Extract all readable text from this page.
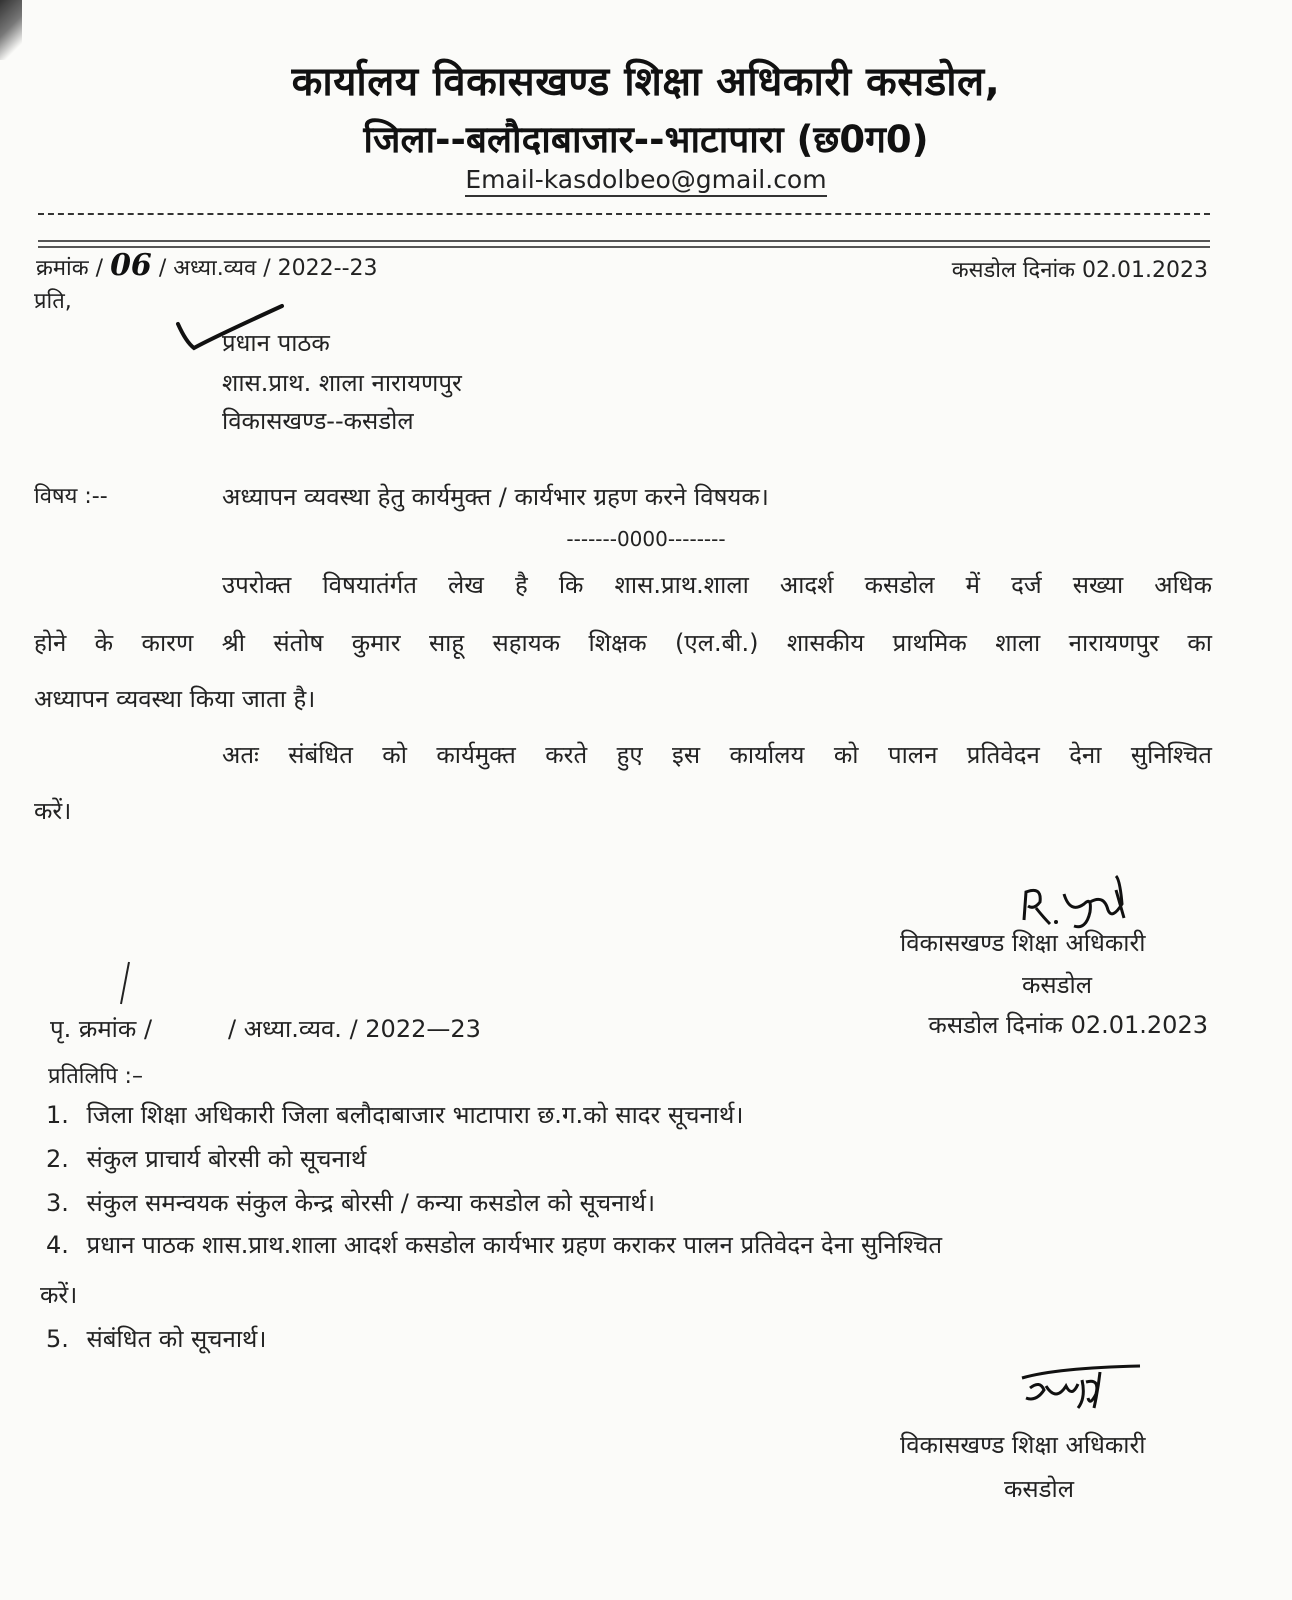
कार्यालय विकासखण्ड शिक्षा अधिकारी कसडोल,
जिला--बलौदाबाजार--भाटापारा (छ0ग0)
Email-kasdolbeo@gmail.com
क्रमांक / 06 / अध्या.व्यव / 2022--23	कसडोल दिनांक 02.01.2023
प्रति,
प्रधान पाठक
शास.प्राथ. शाला नारायणपुर
विकासखण्ड--कसडोल
विषय :--	अध्यापन व्यवस्था हेतु कार्यमुक्त / कार्यभार ग्रहण करने विषयक।
-------0000--------
उपरोक्त विषयातंर्गत लेख है कि शास.प्राथ.शाला आदर्श कसडोल में दर्ज सख्या अधिक
होने के कारण श्री संतोष कुमार साहू सहायक शिक्षक (एल.बी.) शासकीय प्राथमिक शाला नारायणपुर का
अध्यापन व्यवस्था किया जाता है।
अतः संबंधित को कार्यमुक्त करते हुए इस कार्यालय को पालन प्रतिवेदन देना सुनिश्चित
करें।
विकासखण्ड शिक्षा अधिकारी
कसडोल
पृ. क्रमांक /	/ अध्या.व्यव. / 2022—23	कसडोल दिनांक 02.01.2023
प्रतिलिपि :–
1. जिला शिक्षा अधिकारी जिला बलौदाबाजार भाटापारा छ.ग.को सादर सूचनार्थ।
2. संकुल प्राचार्य बोरसी को सूचनार्थ
3. संकुल समन्वयक संकुल केन्द्र बोरसी / कन्या कसडोल को सूचनार्थ।
4. प्रधान पाठक शास.प्राथ.शाला आदर्श कसडोल कार्यभार ग्रहण कराकर पालन प्रतिवेदन देना सुनिश्चित
करें।
5. संबंधित को सूचनार्थ।
विकासखण्ड शिक्षा अधिकारी
कसडोल
